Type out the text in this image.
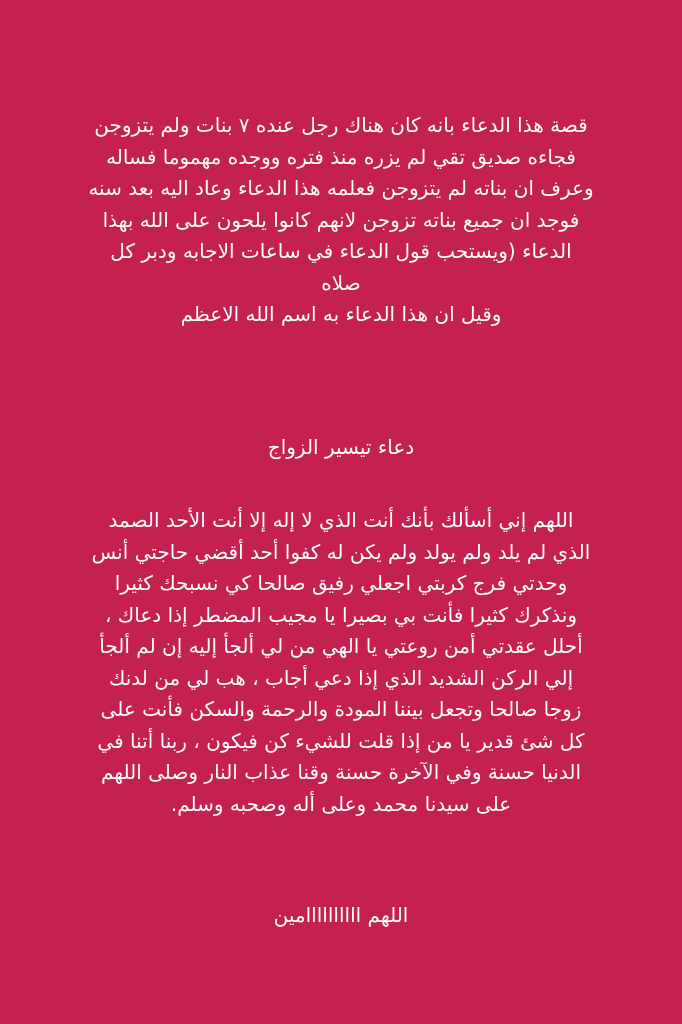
قصة هذا الدعاء بانه كان هناك رجل عنده ٧ بنات ولم يتزوجن
فجاءه صديق تقي لم يزره منذ فتره ووجده مهموما فساله
وعرف ان بناته لم يتزوجن فعلمه هذا الدعاء وعاد اليه بعد سنه
فوجد ان جميع بناته تزوجن لانهم كانوا يلحون على الله بهذا
الدعاء (ويستحب قول الدعاء في ساعات الاجابه ودبر كل
صلاه
وقيل ان هذا الدعاء به اسم الله الاعظم
دعاء تيسير الزواج
اللهم إني أسألك بأنك أنت الذي لا إله إلا أنت الأحد الصمد
الذي لم يلد ولم يولد ولم يكن له كفوا أحد أقضي حاجتي أنس
وحدتي فرج كربتي اجعلي رفيق صالحا كي نسبحك كثيرا
ونذكرك كثيرا فأنت بي بصيرا يا مجيب المضطر إذا دعاك ،
أحلل عقدتي أمن روعتي يا الهي من لي ألجأ إليه إن لم ألجأ
إلي الركن الشديد الذي إذا دعي أجاب ، هب لي من لدنك
زوجا صالحا وتجعل بيننا المودة والرحمة والسكن فأنت على
كل شئ قدير يا من إذا قلت للشيء كن فيكون ، ربنا أتنا في
الدنيا حسنة وفي الآخرة حسنة وقنا عذاب النار وصلى اللهم
على سيدنا محمد وعلى أله وصحبه وسلم.
اللهم اااااااااامين
